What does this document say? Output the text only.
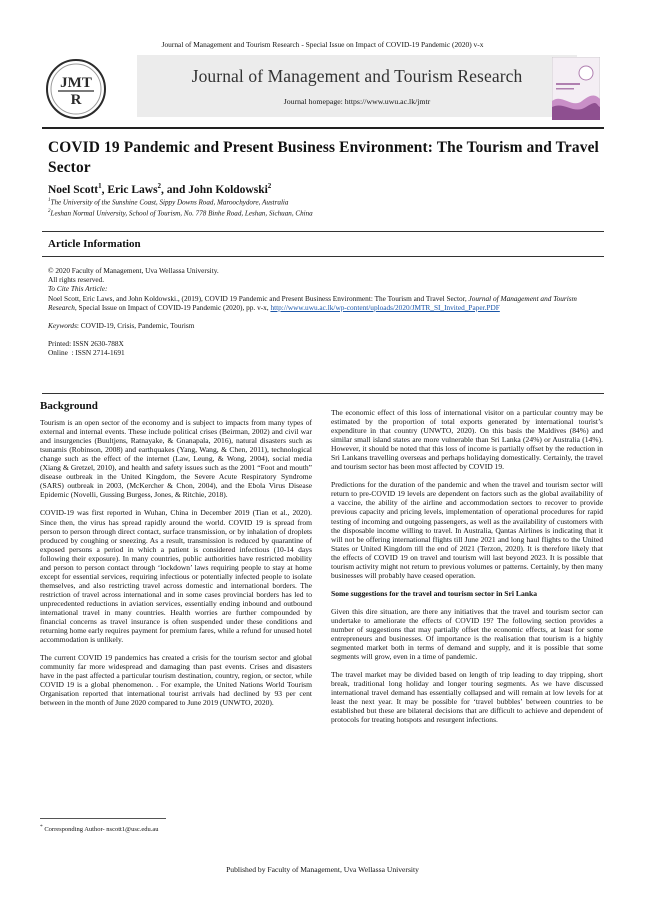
Journal of Management and Tourism Research - Special Issue on Impact of COVID-19 Pandemic (2020) v-x
JMT
R
Journal of Management and Tourism Research
Journal homepage: https://www.uwu.ac.lk/jmtr
COVID 19 Pandemic and Present Business Environment: The Tourism and Travel Sector
Noel Scott$^1$, Eric Laws$^2$, and John Koldowski$^2$
$^1$The University of the Sunshine Coast, Sippy Downs Road, Maroochydore, Australia
$^2$Leshan Normal University, School of Tourism, No. 778 Binhe Road, Leshan, Sichuan, China
Article Information
© 2020 Faculty of Management, Uva Wellassa University.
All rights reserved.
To Cite This Article:
Noel Scott, Eric Laws, and John Koldowski., (2019), COVID 19 Pandemic and Present Business Environment: The Tourism and Travel Sector, Journal of Management and Tourism Research, Special Issue on Impact of COVID-19 Pandemic (2020), pp. v-x, http://www.uwu.ac.lk/wp-content/uploads/2020/JMTR_SI_Invited_Paper.PDF
Keywords: COVID-19, Crisis, Pandemic, Tourism
Printed: ISSN 2630-788X
Online  : ISSN 2714-1691
Background

Tourism is an open sector of the economy and is subject to impacts from many types of external and internal events. These include political crises (Beirman, 2002) and civil war and insurgencies (Buultjens, Ratnayake, & Gnanapala, 2016), natural disasters such as tsunamis (Robinson, 2008) and earthquakes (Yang, Wang, & Chen, 2011), technological change such as the effect of the internet (Law, Leung, & Wong, 2004), social media (Xiang & Gretzel, 2010), and health and safety issues such as the 2001 “Foot and mouth” disease outbreak in the United Kingdom, the Severe Acute Respiratory Syndrome (SARS) outbreak in 2003, (McKercher & Chon, 2004), and the Ebola Virus Disease Epidemic (Novelli, Gussing Burgess, Jones, & Ritchie, 2018).

COVID-19 was first reported in Wuhan, China in December 2019 (Tian et al., 2020). Since then, the virus has spread rapidly around the world. COVID 19 is spread from person to person through direct contact, surface transmission, or by inhalation of droplets produced by coughing or sneezing. As a result, transmission is reduced by quarantine of exposed persons a period in which a patient is considered infectious (10-14 days following their exposure). In many countries, public authorities have restricted mobility and person to person contact through ‘lockdown’ laws requiring people to stay at home except for essential services, requiring infectious or potentially infected people to isolate themselves, and also restricting travel across domestic and international borders. The restriction of travel across international and in some cases provincial borders has led to unprecedented reductions in aviation services, essentially ending inbound and outbound international travel in many countries. Health worries are further compounded by financial concerns as travel insurance is often suspended under these conditions and returning home early requires payment for premium fares, while a refund for unused hotel accommodation is unlikely.

The current COVID 19 pandemics has created a crisis for the tourism sector and global community far more widespread and damaging than past events. Crises and disasters have in the past affected a particular tourism destination, country, region, or sector, while COVID 19 is a global phenomenon. . For example, the United Nations World Tourism Organisation reported that international tourist arrivals had declined by 93 per cent between in the month of June 2020 compared to June 2019 (UNWTO, 2020).

The economic effect of this loss of international visitor on a particular country may be estimated by the proportion of total exports generated by international tourist’s expenditure in that country (UNWTO, 2020). On this basis the Maldives (84%) and similar small island states are more vulnerable than Sri Lanka (24%) or Australia (14%). However, it should be noted that this loss of income is partially offset by the reduction in Sri Lankans travelling overseas and perhaps holidaying domestically. Certainly, the travel and tourism sector has been most affected by COVID 19.

Predictions for the duration of the pandemic and when the travel and tourism sector will return to pre-COVID 19 levels are dependent on factors such as the global availability of a vaccine, the ability of the airline and accommodation sectors to recover to provide previous capacity and pricing levels, implementation of operational procedures for rapid testing of incoming and outgoing passengers, as well as the availability of customers with the disposable income willing to travel. In Australia, Qantas Airlines is indicating that it will not be offering international flights till June 2021 and long haul flights to the United States or United Kingdom till the end of 2021 (Terzon, 2020). It is therefore likely that the effects of COVID 19 on travel and tourism will last beyond 2023. It is possible that tourism activity might not return to previous volumes or patterns. Certainly, by then many businesses will probably have ceased operation.

Some suggestions for the travel and tourism sector in Sri Lanka

Given this dire situation, are there any initiatives that the travel and tourism sector can undertake to ameliorate the effects of COVID 19? The following section provides a number of suggestions that may partially offset the economic effects, at least for some entrepreneurs and businesses. Of importance is the realisation that tourism is a highly segmented market both in terms of demand and supply, and it is possible that some segments will grow, even in a time of pandemic.

The travel market may be divided based on length of trip leading to day tripping, short break, traditional long holiday and longer touring segments. As we have discussed international travel demand has essentially collapsed and will remain at low levels for at least the next year. It may be possible for ‘travel bubbles’ between countries to be established but these are bilateral decisions that are difficult to achieve and dependent of protocols for treating hotspots and resurgent infections.

* Corresponding Author- nscott1@usc.edu.au
Published by Faculty of Management, Uva Wellassa University
